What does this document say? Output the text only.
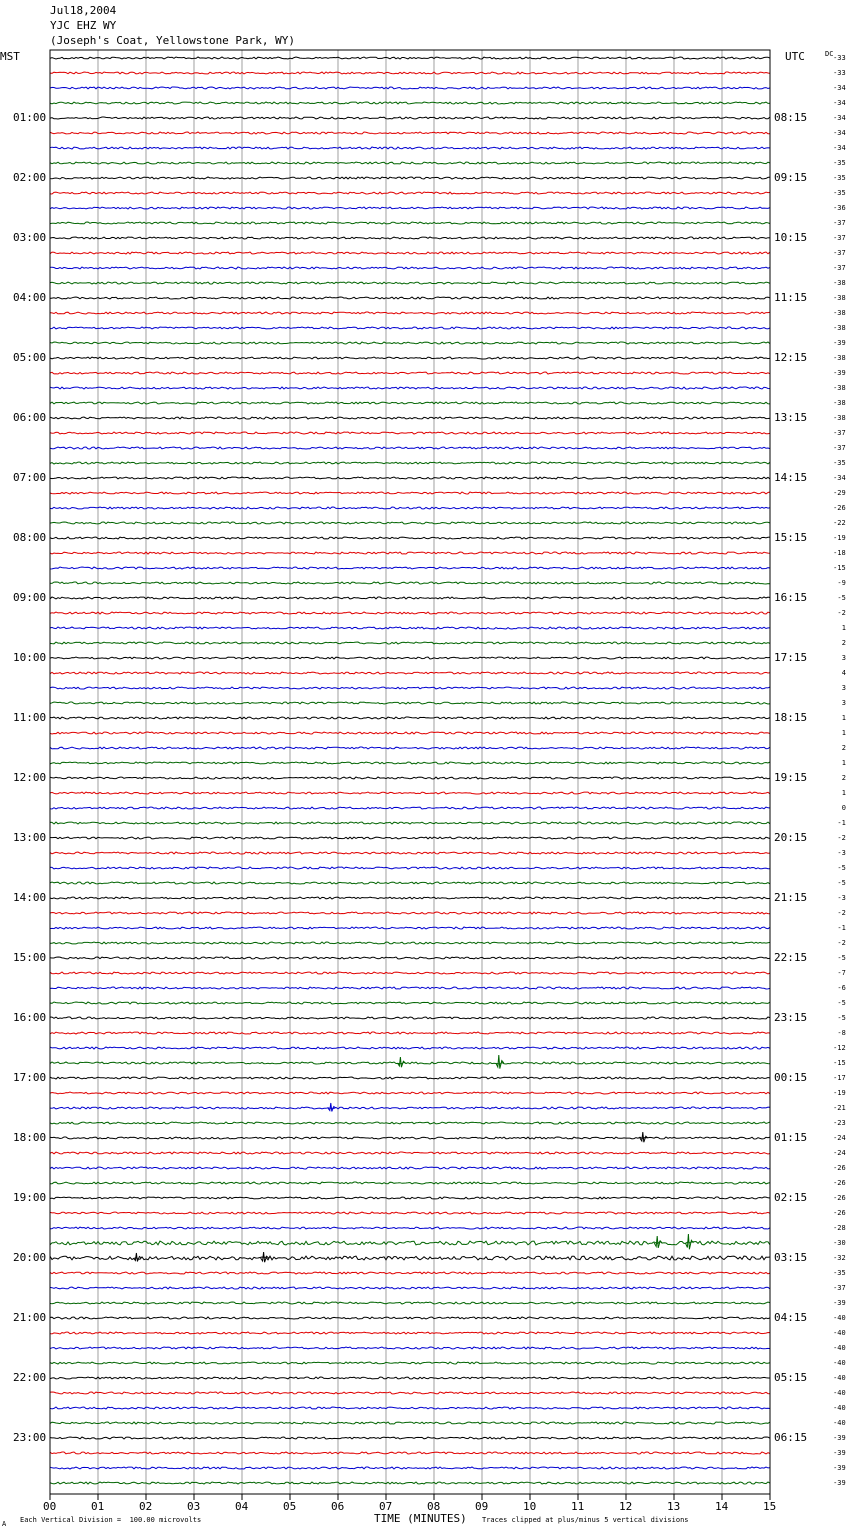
Jul18,2004
YJC EHZ WY
(Joseph's Coat, Yellowstone Park, WY)
MST	UTC	DC
01:00
02:00
03:00
04:00
05:00
06:00
07:00
08:00
09:00
10:00
11:00
12:00
13:00
14:00
15:00
16:00
17:00
18:00
19:00
20:00
21:00
22:00
23:00
08:15
09:15
10:15
11:15
12:15
13:15
14:15
15:15
16:15
17:15
18:15
19:15
20:15
21:15
22:15
23:15
00:15
01:15
02:15
03:15
04:15
05:15
06:15
-33
-33
-34
-34
-34
-34
-34
-35
-35
-35
-36
-37
-37
-37
-37
-38
-38
-38
-38
-39
-38
-39
-38
-38
-38
-37
-37
-35
-34
-29
-26
-22
-19
-18
-15
-9
-5
-2
1
2
3
4
3
3
1
1
2
1
2
1
0
-1
-2
-3
-5
-5
-3
-2
-1
-2
-5
-7
-6
-5
-5
-8
-12
-15
-17
-19
-21
-23
-24
-24
-26
-26
-26
-26
-28
-30
-32
-35
-37
-39
-40
-40
-40
-40
-40
-40
-40
-40
-39
-39
-39
-39
00	01	02	03	04	05	06	07	08	09	10	11	12	13	14	15
A Each Vertical Division =  100.00 microvolts	TIME (MINUTES) Traces clipped at plus/minus 5 vertical divisions
